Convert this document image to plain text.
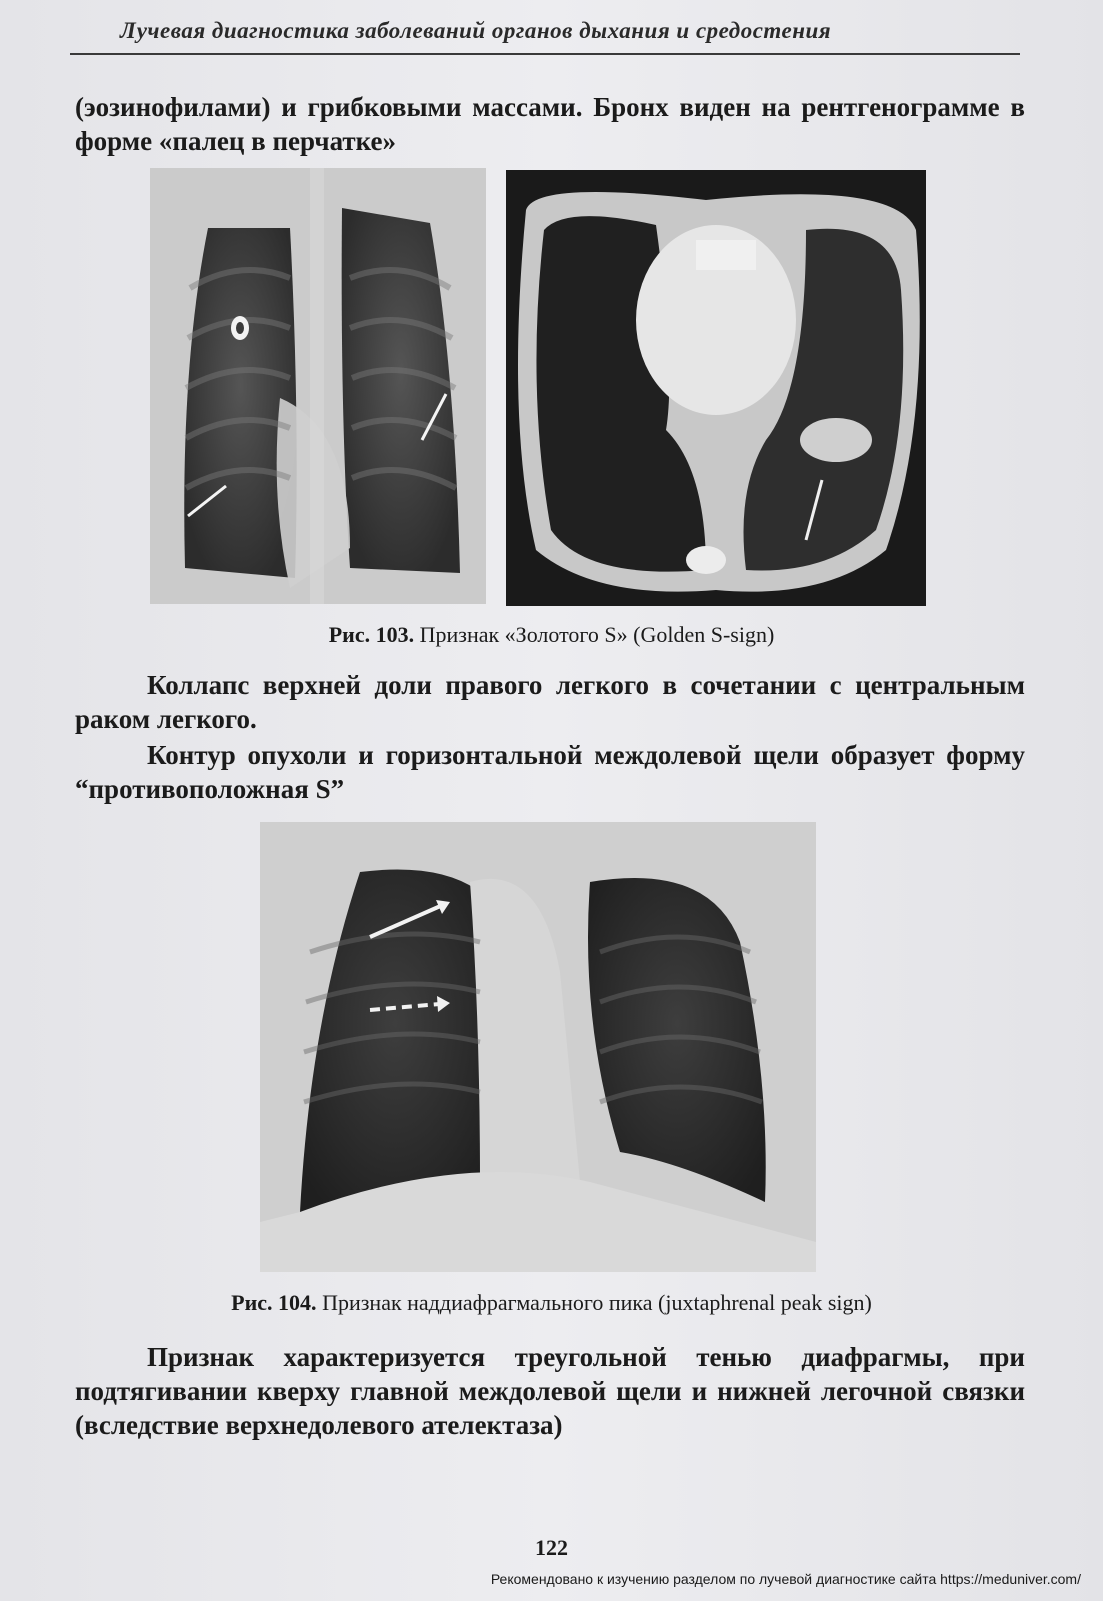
Лучевая диагностика заболеваний органов дыхания и средостения

(эозинофилами) и грибковыми массами. Бронх виден на рентгенограмме в форме «палец в перчатке»

Рис. 103. Признак «Золотого S» (Golden S-sign)

Коллапс верхней доли правого легкого в сочетании с центральным раком легкого.

Контур опухоли и горизонтальной междолевой щели образует форму “противоположная S”

Рис. 104. Признак наддиафрагмального пика (juxtaphrenal peak sign)

Признак характеризуется треугольной тенью диафрагмы, при подтягивании кверху главной междолевой щели и нижней легочной связки (вследствие верхнедолевого ателектаза)

122
Рекомендовано к изучению разделом по лучевой диагностике сайта https://meduniver.com/
